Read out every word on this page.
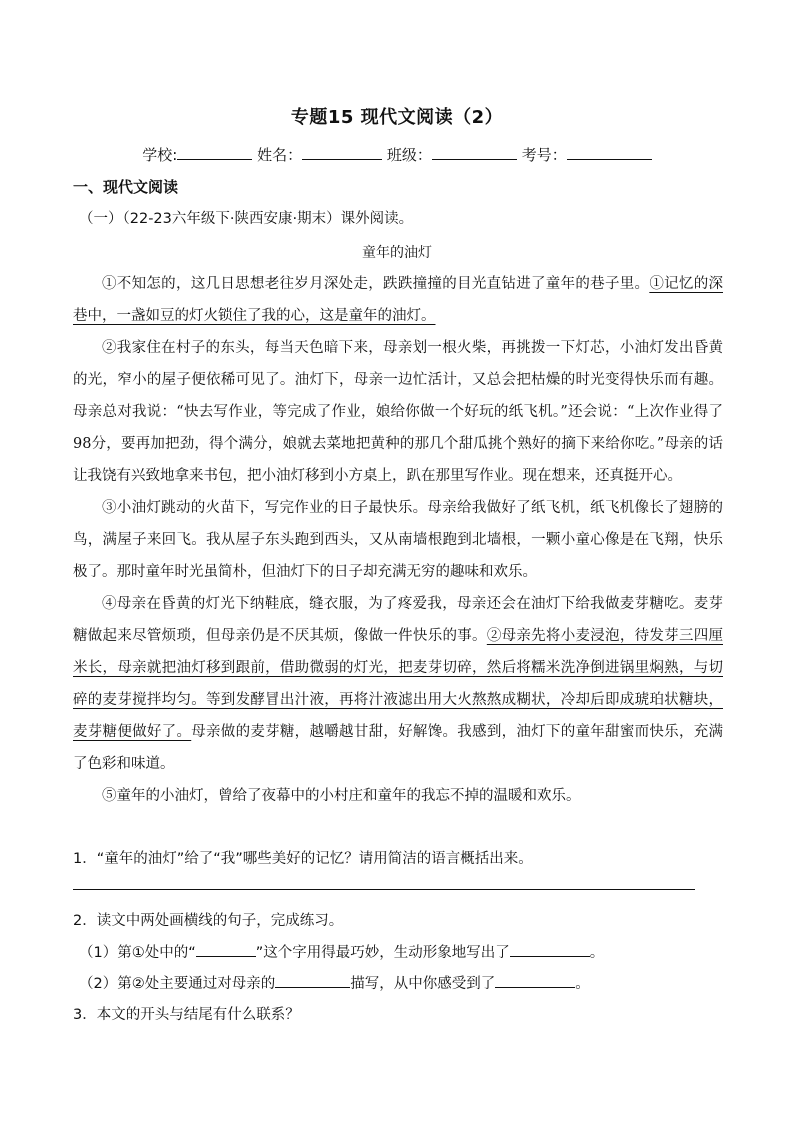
专题15 现代文阅读（2）
学校:	姓名：	班级：	考号：
一、现代文阅读
（一）（22-23六年级下·陕西安康·期末）课外阅读。
童年的油灯

①不知怎的，这几日思想老往岁月深处走，跌跌撞撞的目光直钻进了童年的巷子里。①记忆的深巷中，一盏如豆的灯火锁住了我的心，这是童年的油灯。

②我家住在村子的东头，每当天色暗下来，母亲划一根火柴，再挑拨一下灯芯，小油灯发出昏黄的光，窄小的屋子便依稀可见了。油灯下，母亲一边忙活计，又总会把枯燥的时光变得快乐而有趣。母亲总对我说：“快去写作业，等完成了作业，娘给你做一个好玩的纸飞机。”还会说：“上次作业得了98分，要再加把劲，得个满分，娘就去菜地把黄种的那几个甜瓜挑个熟好的摘下来给你吃。”母亲的话让我饶有兴致地拿来书包，把小油灯移到小方桌上，趴在那里写作业。现在想来，还真挺开心。

③小油灯跳动的火苗下，写完作业的日子最快乐。母亲给我做好了纸飞机，纸飞机像长了翅膀的鸟，满屋子来回飞。我从屋子东头跑到西头，又从南墙根跑到北墙根，一颗小童心像是在飞翔，快乐极了。那时童年时光虽简朴，但油灯下的日子却充满无穷的趣味和欢乐。

④母亲在昏黄的灯光下纳鞋底，缝衣服，为了疼爱我，母亲还会在油灯下给我做麦芽糖吃。麦芽糖做起来尽管烦琐，但母亲仍是不厌其烦，像做一件快乐的事。②母亲先将小麦浸泡，待发芽三四厘米长，母亲就把油灯移到跟前，借助微弱的灯光，把麦芽切碎，然后将糯米洗净倒进锅里焖熟，与切碎的麦芽搅拌均匀。等到发酵冒出汁液，再将汁液滤出用大火熬熬成糊状，冷却后即成琥珀状糖块，麦芽糖便做好了。母亲做的麦芽糖，越嚼越甘甜，好解馋。我感到，油灯下的童年甜蜜而快乐，充满了色彩和味道。

⑤童年的小油灯，曾给了夜幕中的小村庄和童年的我忘不掉的温暖和欢乐。

1．“童年的油灯”给了“我”哪些美好的记忆？请用简洁的语言概括出来。
2．读文中两处画横线的句子，完成练习。
（1）第①处中的“	”这个字用得最巧妙，生动形象地写出了	。
（2）第②处主要通过对母亲的	描写，从中你感受到了	。
3．本文的开头与结尾有什么联系？
